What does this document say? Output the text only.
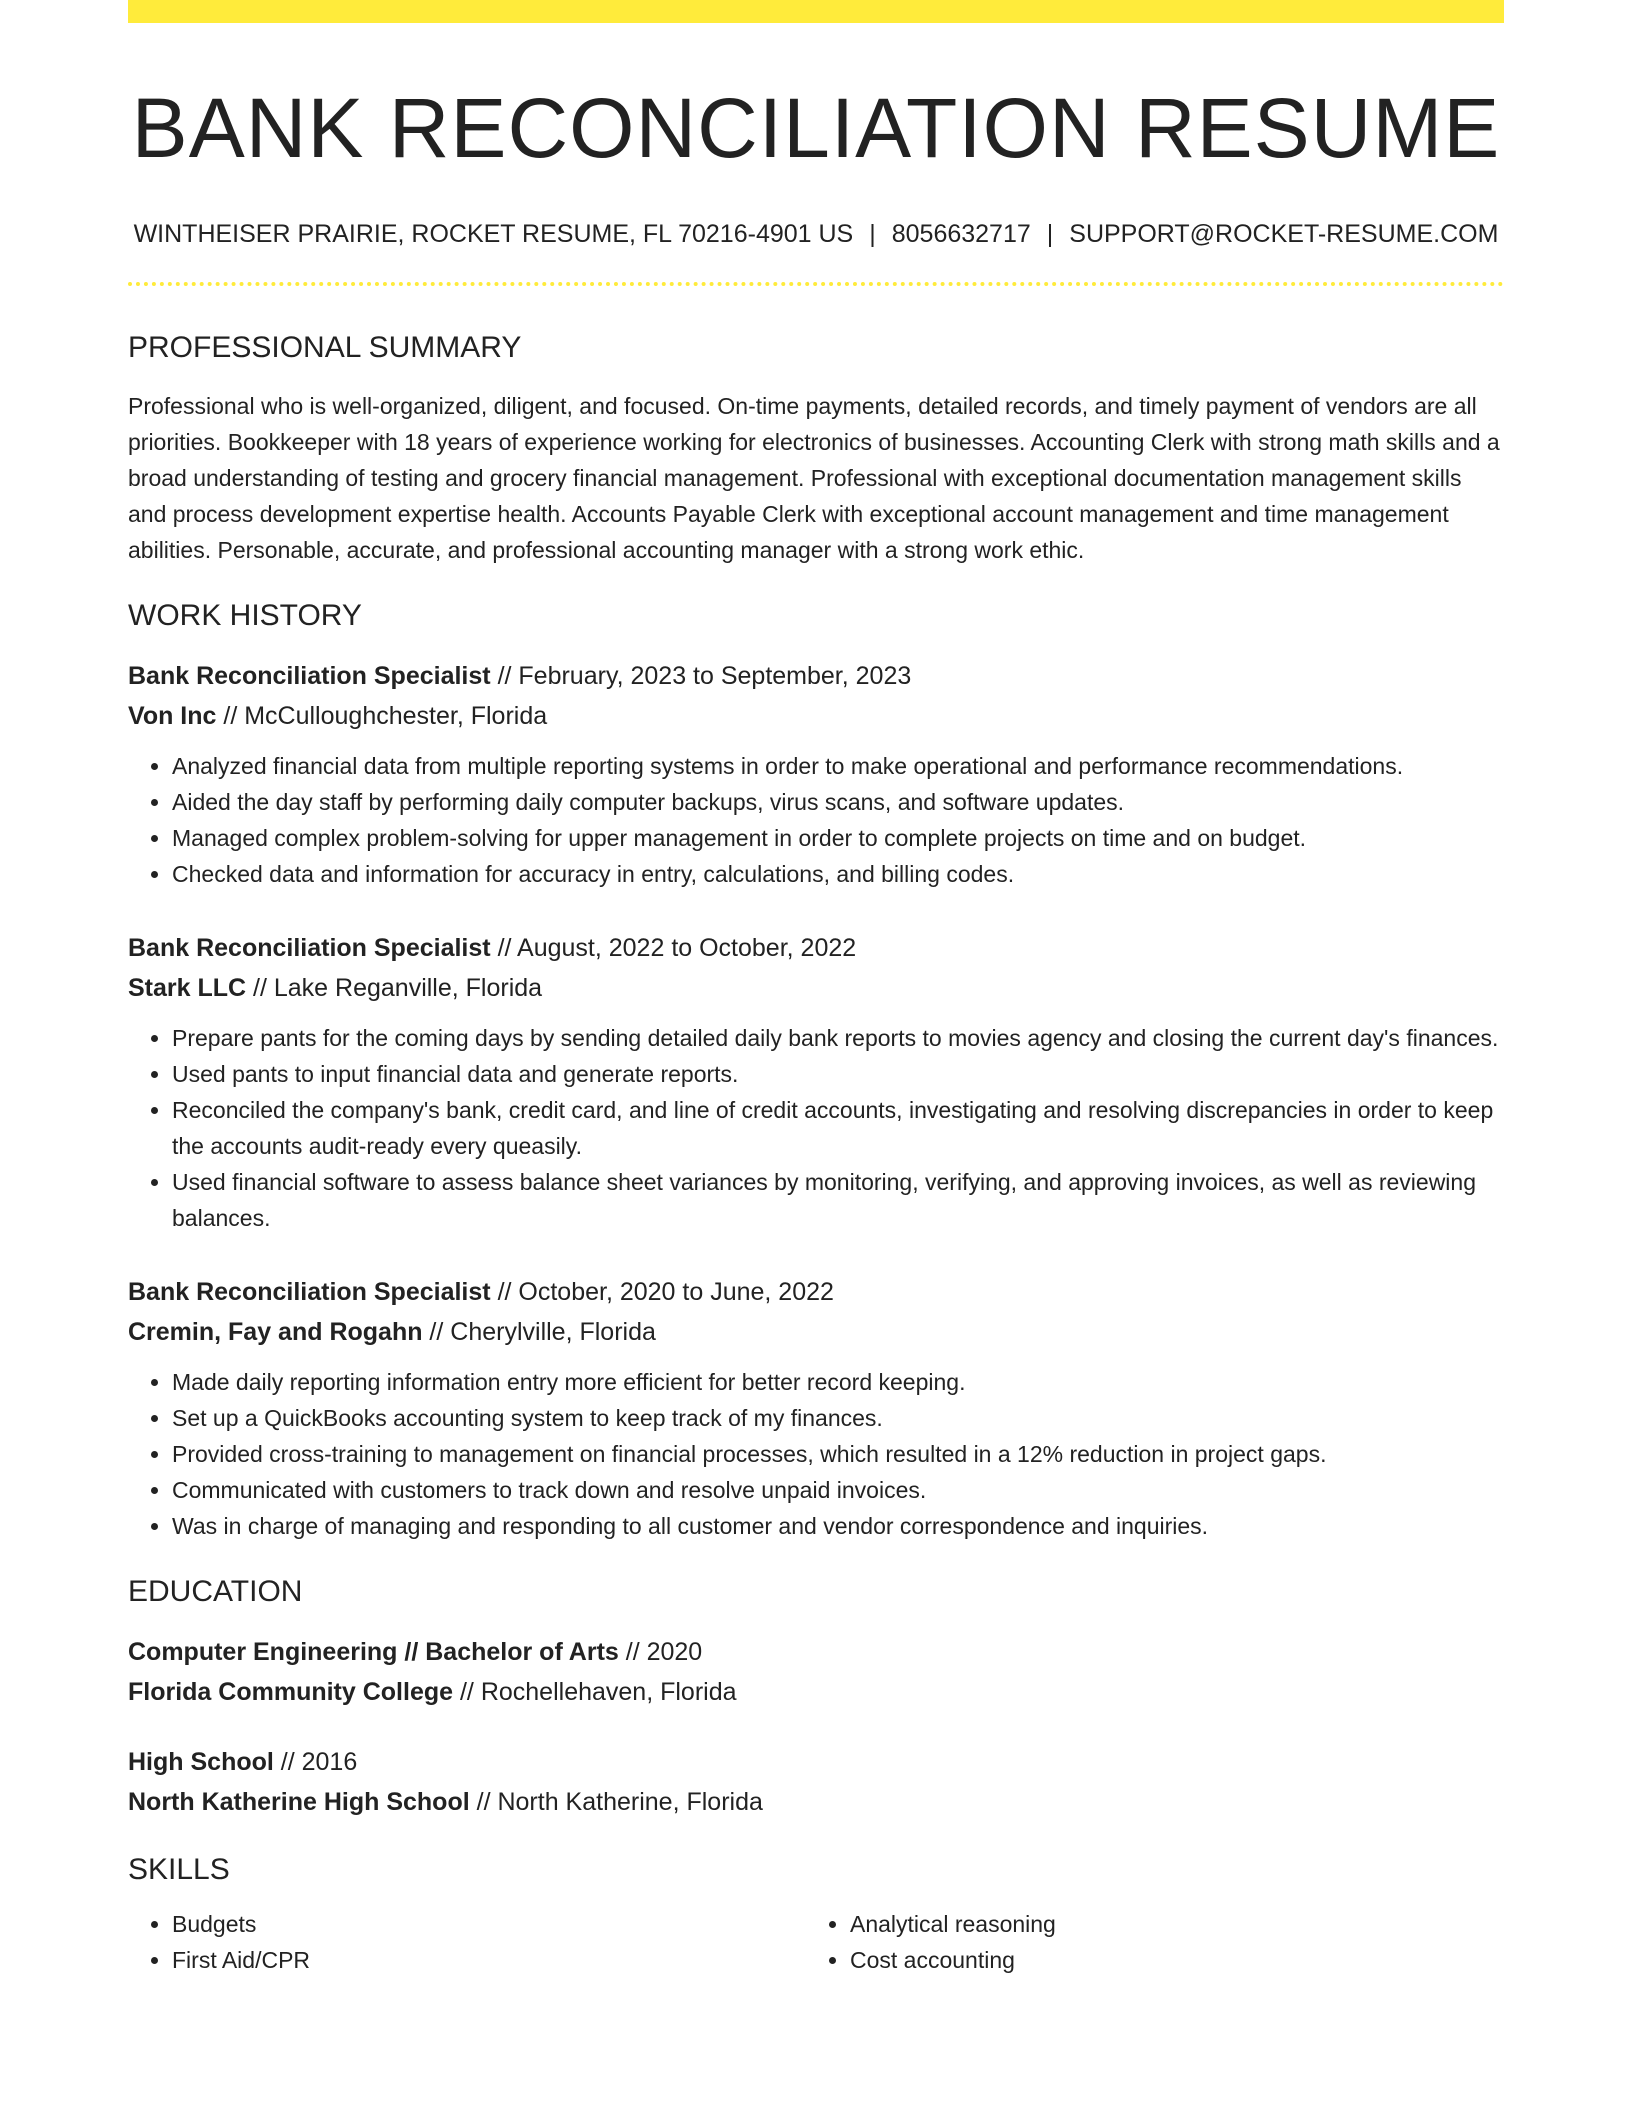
BANK RECONCILIATION RESUME
WINTHEISER PRAIRIE, ROCKET RESUME, FL 70216-4901 US | 8056632717 | SUPPORT@ROCKET-RESUME.COM
PROFESSIONAL SUMMARY
Professional who is well-organized, diligent, and focused. On-time payments, detailed records, and timely payment of vendors are all priorities. Bookkeeper with 18 years of experience working for electronics of businesses. Accounting Clerk with strong math skills and a broad understanding of testing and grocery financial management. Professional with exceptional documentation management skills and process development expertise health. Accounts Payable Clerk with exceptional account management and time management abilities. Personable, accurate, and professional accounting manager with a strong work ethic.
WORK HISTORY
Bank Reconciliation Specialist // February, 2023 to September, 2023
Von Inc // McCulloughchester, Florida
• Analyzed financial data from multiple reporting systems in order to make operational and performance recommendations.
• Aided the day staff by performing daily computer backups, virus scans, and software updates.
• Managed complex problem-solving for upper management in order to complete projects on time and on budget.
• Checked data and information for accuracy in entry, calculations, and billing codes.
Bank Reconciliation Specialist // August, 2022 to October, 2022
Stark LLC // Lake Reganville, Florida
• Prepare pants for the coming days by sending detailed daily bank reports to movies agency and closing the current day's finances.
• Used pants to input financial data and generate reports.
• Reconciled the company's bank, credit card, and line of credit accounts, investigating and resolving discrepancies in order to keep the accounts audit-ready every queasily.
• Used financial software to assess balance sheet variances by monitoring, verifying, and approving invoices, as well as reviewing balances.
Bank Reconciliation Specialist // October, 2020 to June, 2022
Cremin, Fay and Rogahn // Cherylville, Florida
• Made daily reporting information entry more efficient for better record keeping.
• Set up a QuickBooks accounting system to keep track of my finances.
• Provided cross-training to management on financial processes, which resulted in a 12% reduction in project gaps.
• Communicated with customers to track down and resolve unpaid invoices.
• Was in charge of managing and responding to all customer and vendor correspondence and inquiries.
EDUCATION
Computer Engineering // Bachelor of Arts // 2020
Florida Community College // Rochellehaven, Florida
High School // 2016
North Katherine High School // North Katherine, Florida
SKILLS
• Budgets
• First Aid/CPR
• Analytical reasoning
• Cost accounting
